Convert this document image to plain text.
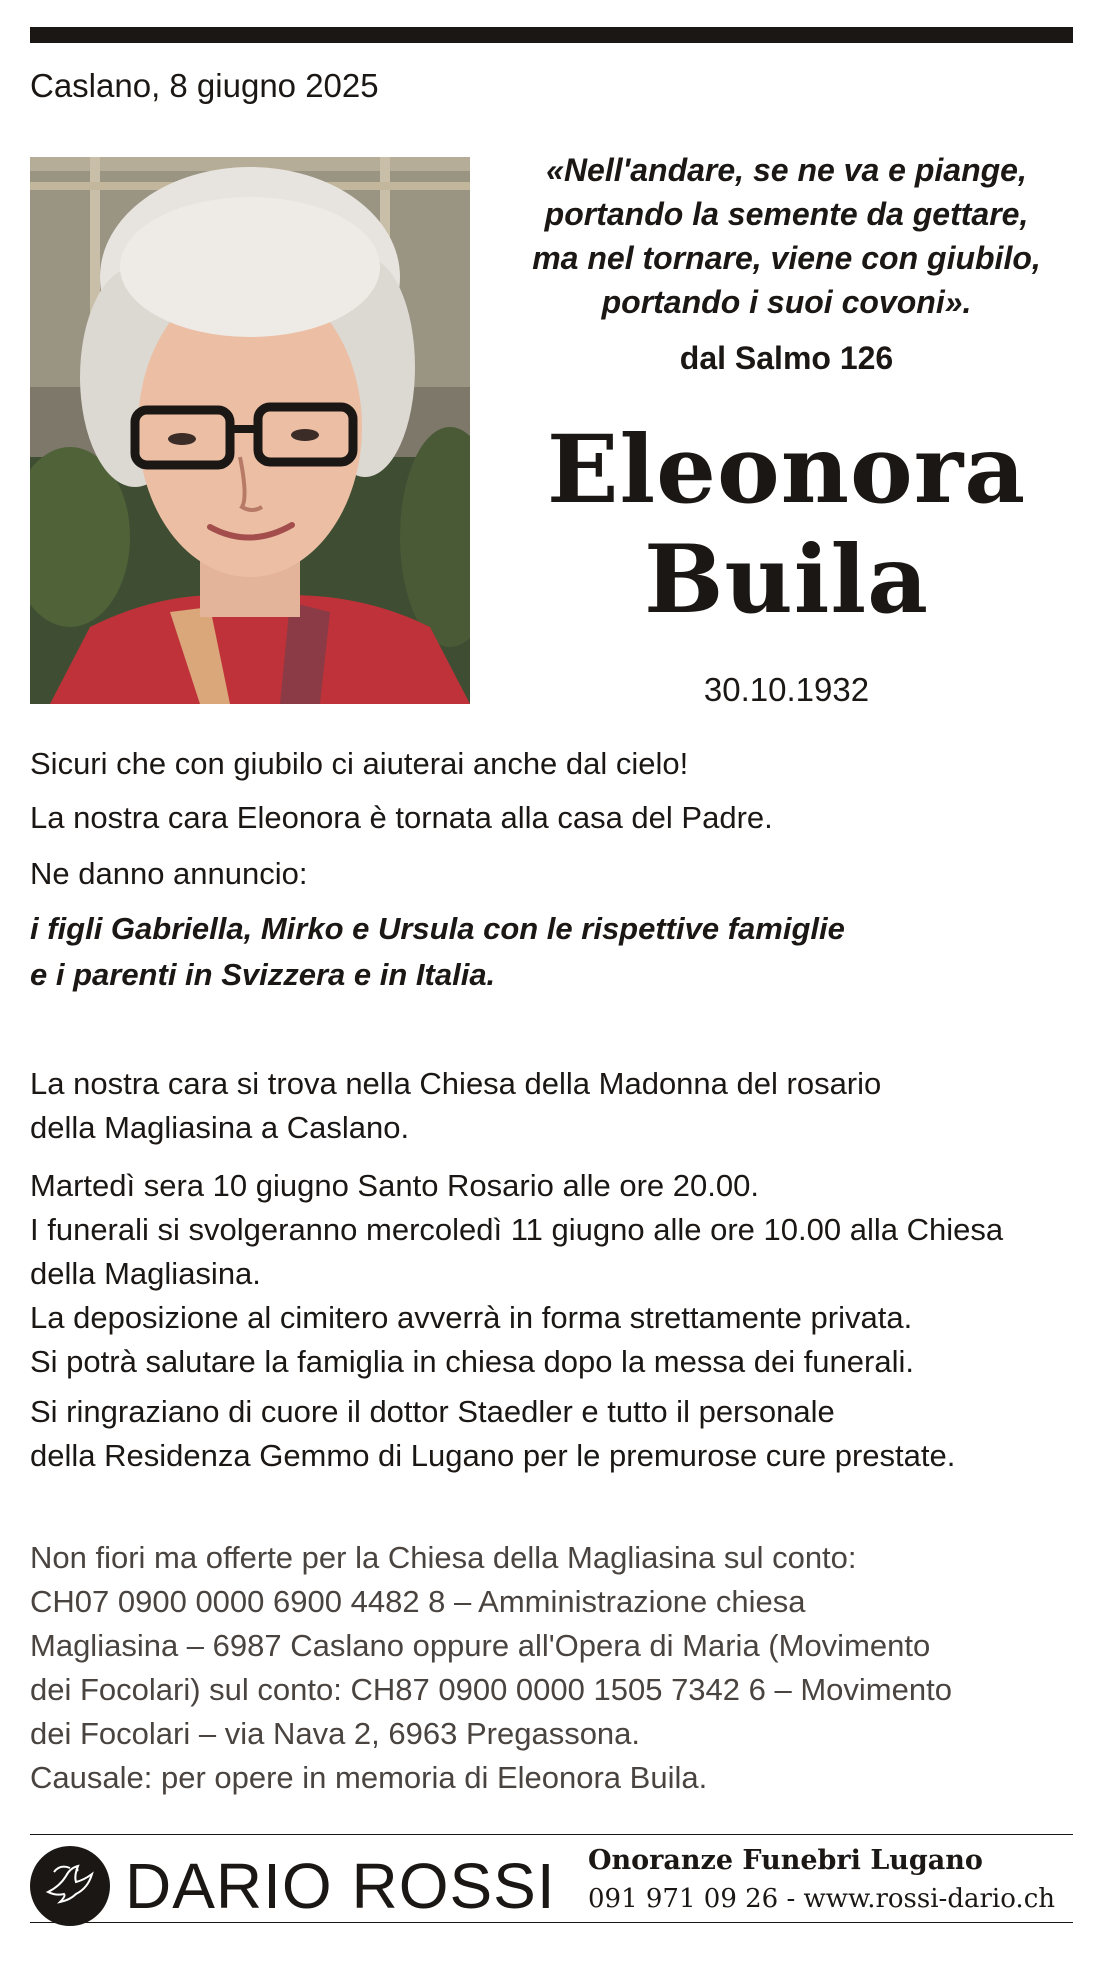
Caslano, 8 giugno 2025

«Nell'andare, se ne va e piange,
portando la semente da gettare,
ma nel tornare, viene con giubilo,
portando i suoi covoni».

dal Salmo 126
Eleonora
Buila
30.10.1932

Sicuri che con giubilo ci aiuterai anche dal cielo!

La nostra cara Eleonora è tornata alla casa del Padre.

Ne danno annuncio:

i figli Gabriella, Mirko e Ursula con le rispettive famiglie
e i parenti in Svizzera e in Italia.

La nostra cara si trova nella Chiesa della Madonna del rosario
della Magliasina a Caslano.

Martedì sera 10 giugno Santo Rosario alle ore 20.00.
I funerali si svolgeranno mercoledì 11 giugno alle ore 10.00 alla Chiesa
della Magliasina.
La deposizione al cimitero avverrà in forma strettamente privata.
Si potrà salutare la famiglia in chiesa dopo la messa dei funerali.

Si ringraziano di cuore il dottor Staedler e tutto il personale
della Residenza Gemmo di Lugano per le premurose cure prestate.

Non fiori ma offerte per la Chiesa della Magliasina sul conto:
CH07 0900 0000 6900 4482 8 – Amministrazione chiesa
Magliasina – 6987 Caslano oppure all'Opera di Maria (Movimento
dei Focolari) sul conto: CH87 0900 0000 1505 7342 6 – Movimento
dei Focolari – via Nava 2, 6963 Pregassona.
Causale: per opere in memoria di Eleonora Buila.

DARIO ROSSI Onoranze Funebri Lugano
091 971 09 26 - www.rossi-dario.ch
